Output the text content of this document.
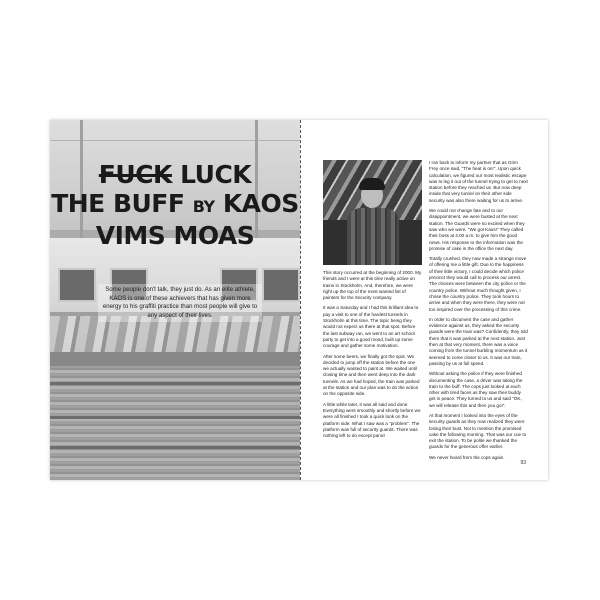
FUCK LUCK
THE BUFF BY KAOS
VIMS MOAS
Some people don't talk, they just do. As an elite athlete, KAOS is one of these achievers that has given more energy to his graffiti practice than most people will give to any aspect of their lives.

This story occurred at the beginning of 2000. My friends and I were at this time really active on trains in Stockholm. And, therefore, we were right up the top of the most wanted list of painters for the Security company.

It was a Saturday and I had this brilliant idea to pay a visit to one of the hardest tunnels in Stockholm at this time. The topic being they would not expect us there at that spot. Before the last subway ran, we went to an art school party to get into a good mood, built up some courage and gather some motivation.

After some beers, we finally got the spot. We decided to jump off the station before the one we actually wanted to paint at. We waited until closing time and then went deep into the dark tunnels. As we had hoped, the train was parked at the station and our plan was to do the action on the opposite side.

A little while later, it was all said and done. Everything went smoothly and shortly before we were all finished I took a quick look on the platform side. What I saw was a "problem". The platform was full of security guards. There was nothing left to do except panic!

I ran back to inform my partner that as Grim Frey once said, "The heat is on!". Upon quick calculation, we figured our most realistic escape was to leg it out of the tunnel trying to get to next station before they reached us. But now deep inside that very tunnel on their other side security was also there waiting for us to arrive.

We could not change fate and to our disappointment, we were busted at the next station. The Guards were so excited when they saw who we were. "We got Kaos!" They called their boss at 4.00 a.m. to give him the good news. His response to the information was the promise of cake in the office the next day.

Totally crushed, they now made a strange move of offering me a little gift. Due to the happiness of their little victory, I could decide which police precinct they would call to process our arrest. The choices were between the city police or the country police. Without much thought given, I chose the country police. They took hours to arrive and when they were there, they were not too inspired over the processing of this crime.

In order to document the case and gather evidence against us, they asked the security guards were the train was? Confidently, they told them that it was parked at the next station. Just then at that very moment, there was a voice coming from the tunnel burbling momentum as it seemed to come closer to us. It was our train, passing by us at full speed.

Without asking the police if they were finished documenting the case, a driver was taking the train to the buff. The cops just looked at each other with tired faces as they saw their buddy get in peace. They turned to us and said "OK, we will release this and then you go!".

At that moment I looked into the eyes of the security guards as they now realized they were losing their bust. Not to mention the promised cake the following morning. That was our cue to exit the station. To be polite we thanked the guards for the generous offer earlier.

We never heard from the cops again.

93
